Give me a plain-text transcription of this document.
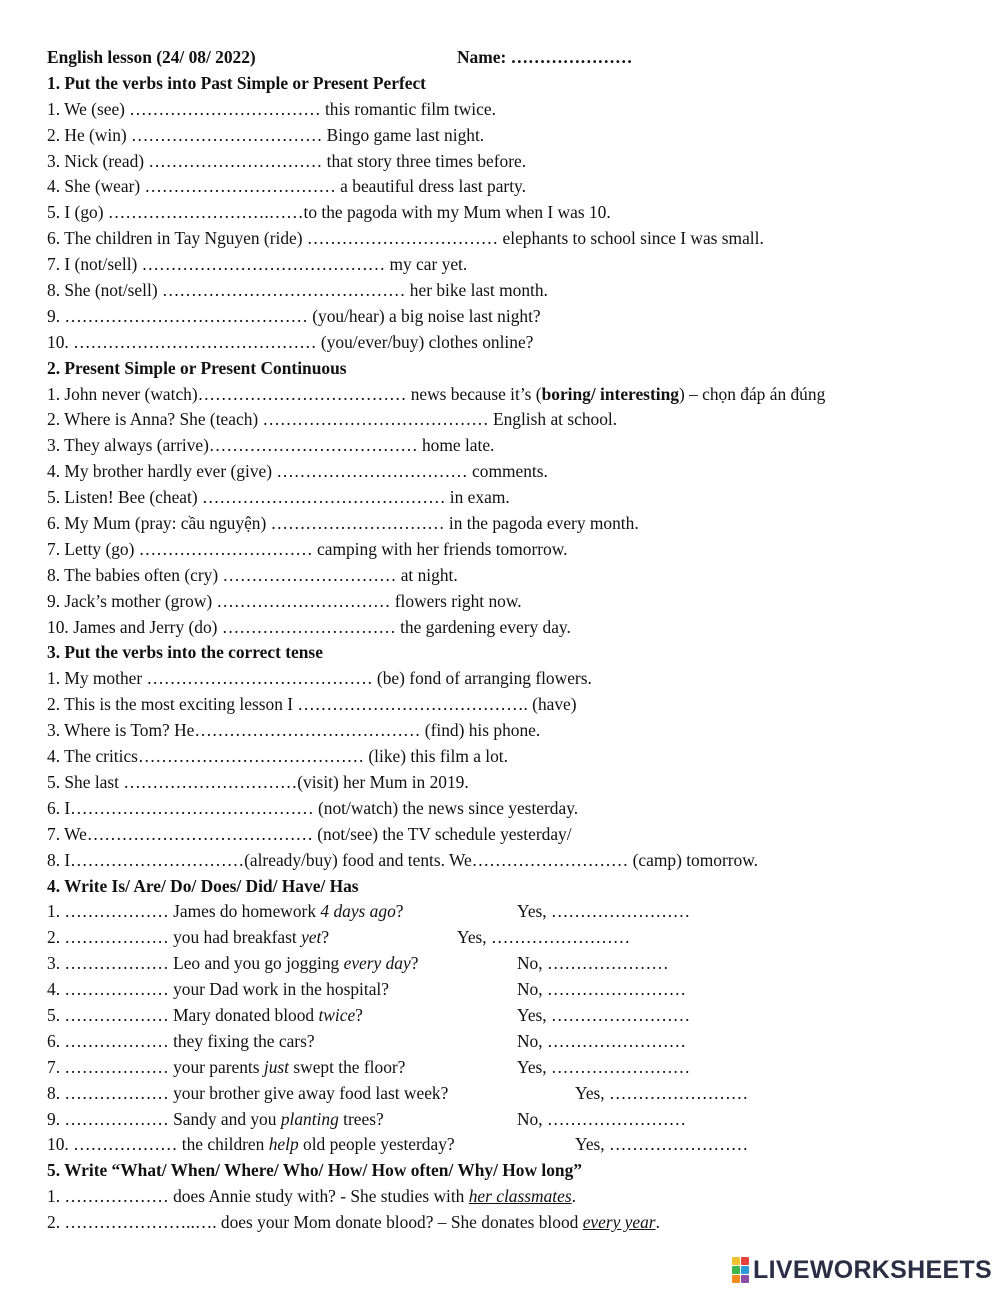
English lesson (24/ 08/ 2022)	Name: …………………
1. Put the verbs into Past Simple or Present Perfect
1. We (see) …………………………… this romantic film twice.
2. He (win) …………………………… Bingo game last night.
3. Nick (read) ………………………… that story three times before.
4. She (wear) …………………………… a beautiful dress last party.
5. I (go) ……………………….……to the pagoda with my Mum when I was 10.
6. The children in Tay Nguyen (ride) …………………………… elephants to school since I was small.
7. I (not/sell) …………………………………… my car yet.
8. She (not/sell) …………………………………… her bike last month.
9. …………………………………… (you/hear) a big noise last night?
10. …………………………………… (you/ever/buy) clothes online?
2. Present Simple or Present Continuous
1. John never (watch)……………………………… news because it’s (boring/ interesting) – chọn đáp án đúng
2. Where is Anna? She (teach) ………………………………… English at school.
3. They always (arrive)……………………………… home late.
4. My brother hardly ever (give) …………………………… comments.
5. Listen! Bee (cheat) …………………………………… in exam.
6. My Mum (pray: cầu nguyện) ………………………… in the pagoda every month.
7. Letty (go) ………………………… camping with her friends tomorrow.
8. The babies often (cry) ………………………… at night.
9. Jack’s mother (grow) ………………………… flowers right now.
10. James and Jerry (do) ………………………… the gardening every day.
3. Put the verbs into the correct tense
1. My mother ………………………………… (be) fond of arranging flowers.
2. This is the most exciting lesson I …………………………………. (have)
3. Where is Tom? He………………………………… (find) his phone.
4. The critics………………………………… (like) this film a lot.
5. She last …………………………(visit) her Mum in 2019.
6. I…………………………………… (not/watch) the news since yesterday.
7. We………………………………… (not/see) the TV schedule yesterday/
8. I…………………………(already/buy) food and tents. We……………………… (camp) tomorrow.
4. Write Is/ Are/ Do/ Does/ Did/ Have/ Has
1. ……………… James do homework 4 days ago?	Yes, ……………………
2. ……………… you had breakfast yet?	Yes, ……………………
3. ……………… Leo and you go jogging every day?	No, …………………
4. ……………… your Dad work in the hospital?	No, ……………………
5. ……………… Mary donated blood twice?	Yes, ……………………
6. ……………… they fixing the cars?	No, ……………………
7. ……………… your parents just swept the floor?	Yes, ……………………
8. ……………… your brother give away food last week?	Yes, ……………………
9. ……………… Sandy and you planting trees?	No, ……………………
10. ……………… the children help old people yesterday?	Yes, ……………………
5. Write “What/ When/ Where/ Who/ How/ How often/ Why/ How long”
1. ……………… does Annie study with? - She studies with her classmates.
2. …………………..…. does your Mom donate blood? – She donates blood every year.
LIVEWORKSHEETS
